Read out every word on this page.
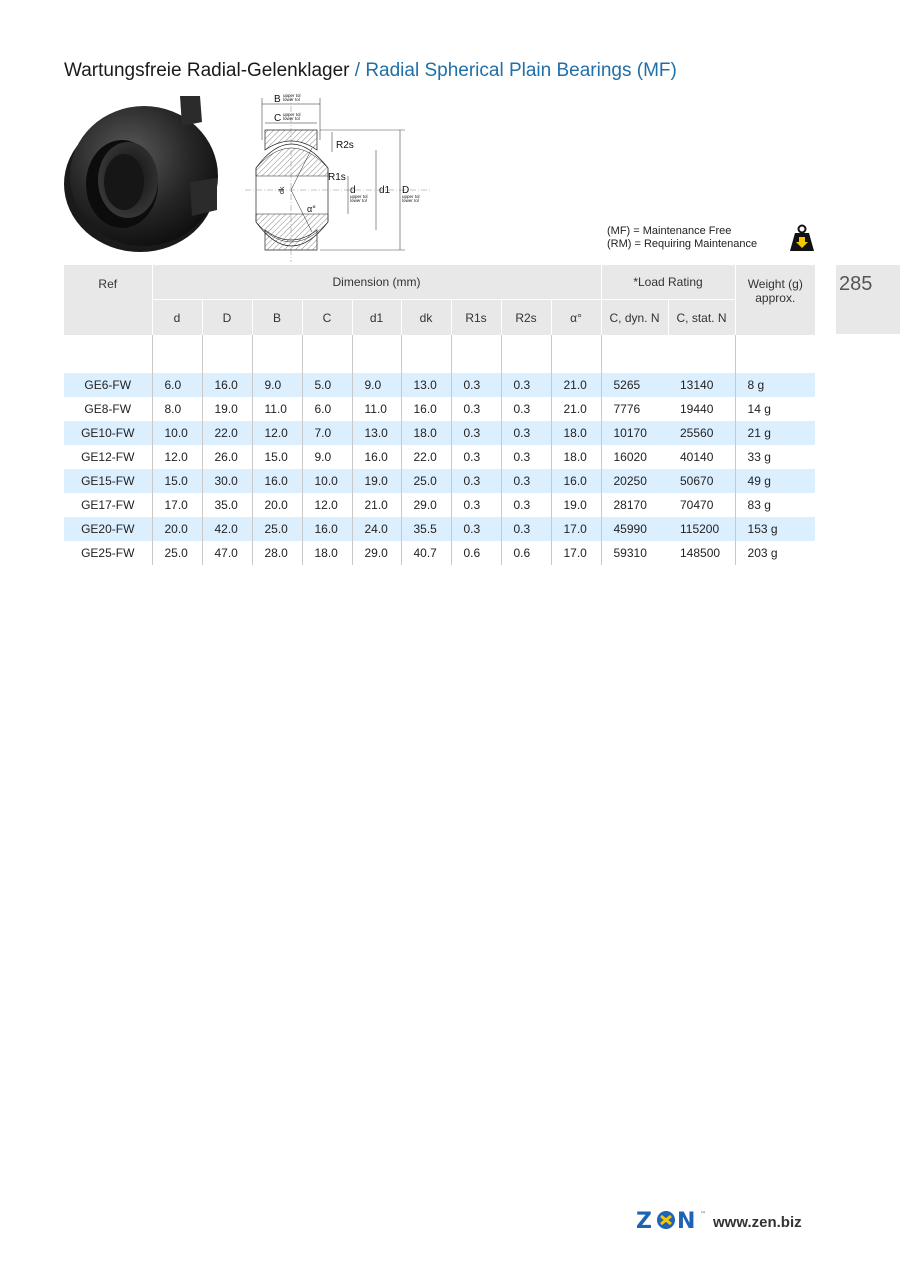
Wartungsfreie Radial-Gelenklager / Radial Spherical Plain Bearings (MF)
B upper tol
lower tol
C upper tol
lower tol
dk
α°
R2s
R1s
d
upper tol
lower tol
d1 D
upper tol
lower tol
(MF) = Maintenance Free
(RM) = Requiring Maintenance
285
Ref	Dimension (mm)									*Load Rating		Weight (g)
approx.

	d	D	B	C	d1	dk	R1s	R2s	α°	C, dyn. N	C, stat. N	

GE6-FW	6.0	16.0	9.0	5.0	9.0	13.0	0.3	0.3	21.0	5265	13140	8 g
GE8-FW	8.0	19.0	11.0	6.0	11.0	16.0	0.3	0.3	21.0	7776	19440	14 g
GE10-FW	10.0	22.0	12.0	7.0	13.0	18.0	0.3	0.3	18.0	10170	25560	21 g
GE12-FW	12.0	26.0	15.0	9.0	16.0	22.0	0.3	0.3	18.0	16020	40140	33 g
GE15-FW	15.0	30.0	16.0	10.0	19.0	25.0	0.3	0.3	16.0	20250	50670	49 g
GE17-FW	17.0	35.0	20.0	12.0	21.0	29.0	0.3	0.3	19.0	28170	70470	83 g
GE20-FW	20.0	42.0	25.0	16.0	24.0	35.5	0.3	0.3	17.0	45990	115200	153 g
GE25-FW	25.0	47.0	28.0	18.0	29.0	40.7	0.6	0.6	17.0	59310	148500	203 g
Z N ™ www.zen.biz
